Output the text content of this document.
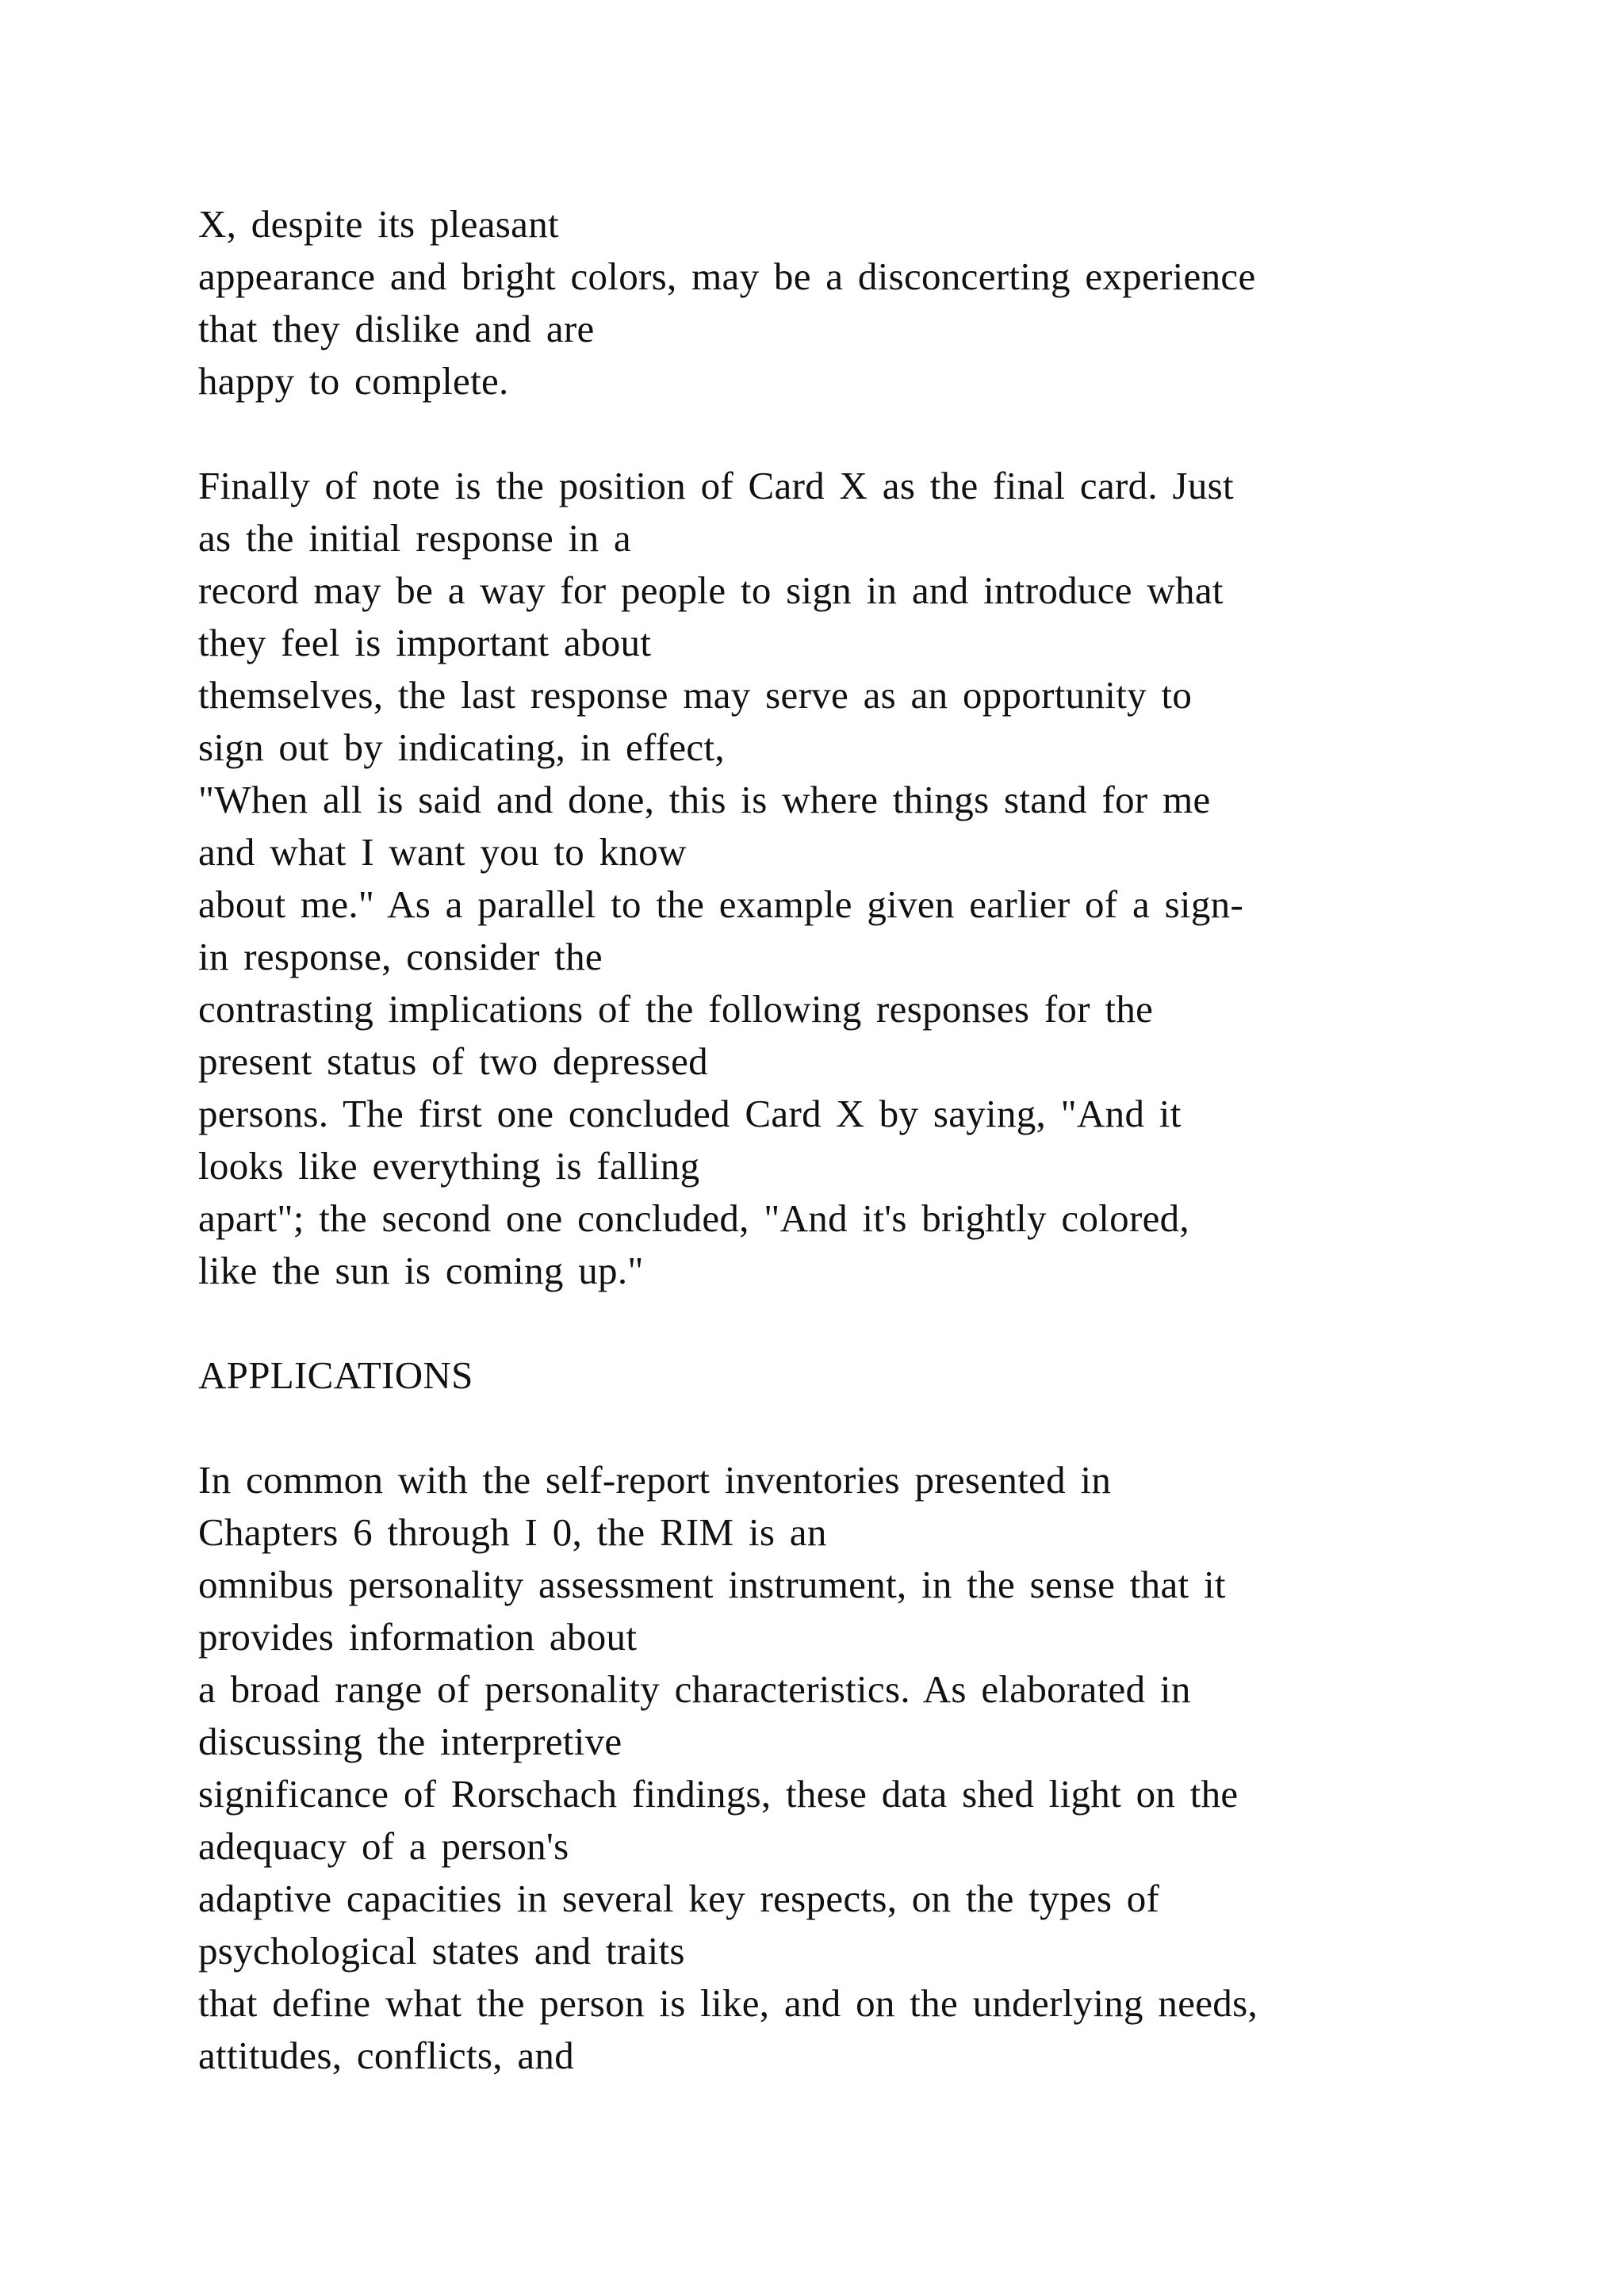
X, despite its pleasant
appearance and bright colors, may be a disconcerting experience
that they dislike and are
happy to complete.
Finally of note is the position of Card X as the final card. Just
as the initial response in a
record may be a way for people to sign in and introduce what
they feel is important about
themselves, the last response may serve as an opportunity to
sign out by indicating, in effect,
"When all is said and done, this is where things stand for me
and what I want you to know
about me." As a parallel to the example given earlier of a sign-
in response, consider the
contrasting implications of the following responses for the
present status of two depressed
persons. The first one concluded Card X by saying, "And it
looks like everything is falling
apart"; the second one concluded, "And it's brightly colored,
like the sun is coming up."
APPLICATIONS
In common with the self-report inventories presented in
Chapters 6 through I 0, the RIM is an
omnibus personality assessment instrument, in the sense that it
provides information about
a broad range of personality characteristics. As elaborated in
discussing the interpretive
significance of Rorschach findings, these data shed light on the
adequacy of a person's
adaptive capacities in several key respects, on the types of
psychological states and traits
that define what the person is like, and on the underlying needs,
attitudes, conflicts, and
